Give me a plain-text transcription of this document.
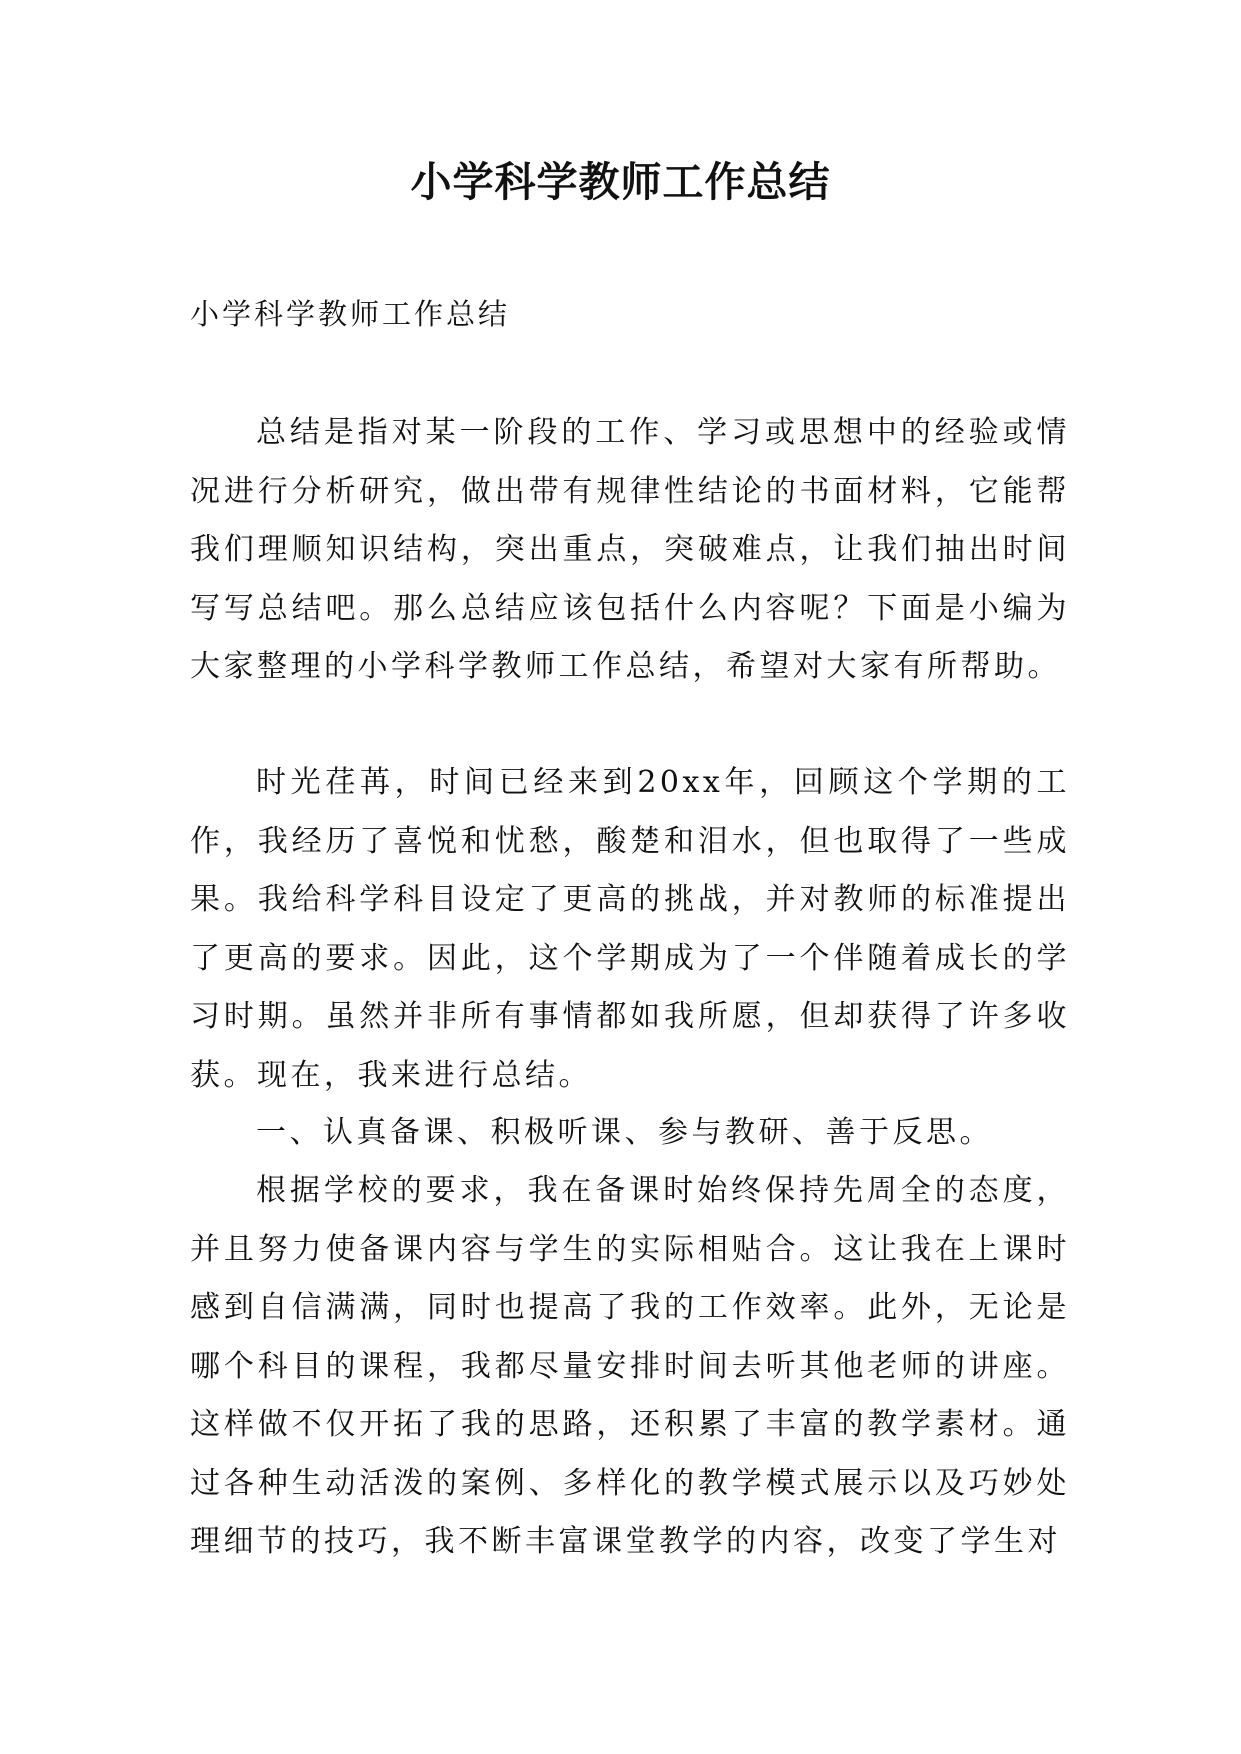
小学科学教师工作总结

小学科学教师工作总结

总结是指对某一阶段的工作、学习或思想中的经验或情况进行分析研究，做出带有规律性结论的书面材料，它能帮我们理顺知识结构，突出重点，突破难点，让我们抽出时间写写总结吧。那么总结应该包括什么内容呢？下面是小编为大家整理的小学科学教师工作总结，希望对大家有所帮助。

时光荏苒，时间已经来到20xx年，回顾这个学期的工作，我经历了喜悦和忧愁，酸楚和泪水，但也取得了一些成果。我给科学科目设定了更高的挑战，并对教师的标准提出了更高的要求。因此，这个学期成为了一个伴随着成长的学习时期。虽然并非所有事情都如我所愿，但却获得了许多收获。现在，我来进行总结。

一、认真备课、积极听课、参与教研、善于反思。

根据学校的要求，我在备课时始终保持先周全的态度，并且努力使备课内容与学生的实际相贴合。这让我在上课时感到自信满满，同时也提高了我的工作效率。此外，无论是哪个科目的课程，我都尽量安排时间去听其他老师的讲座。这样做不仅开拓了我的思路，还积累了丰富的教学素材。通过各种生动活泼的案例、多样化的教学模式展示以及巧妙处理细节的技巧，我不断丰富课堂教学的内容，改变了学生对
